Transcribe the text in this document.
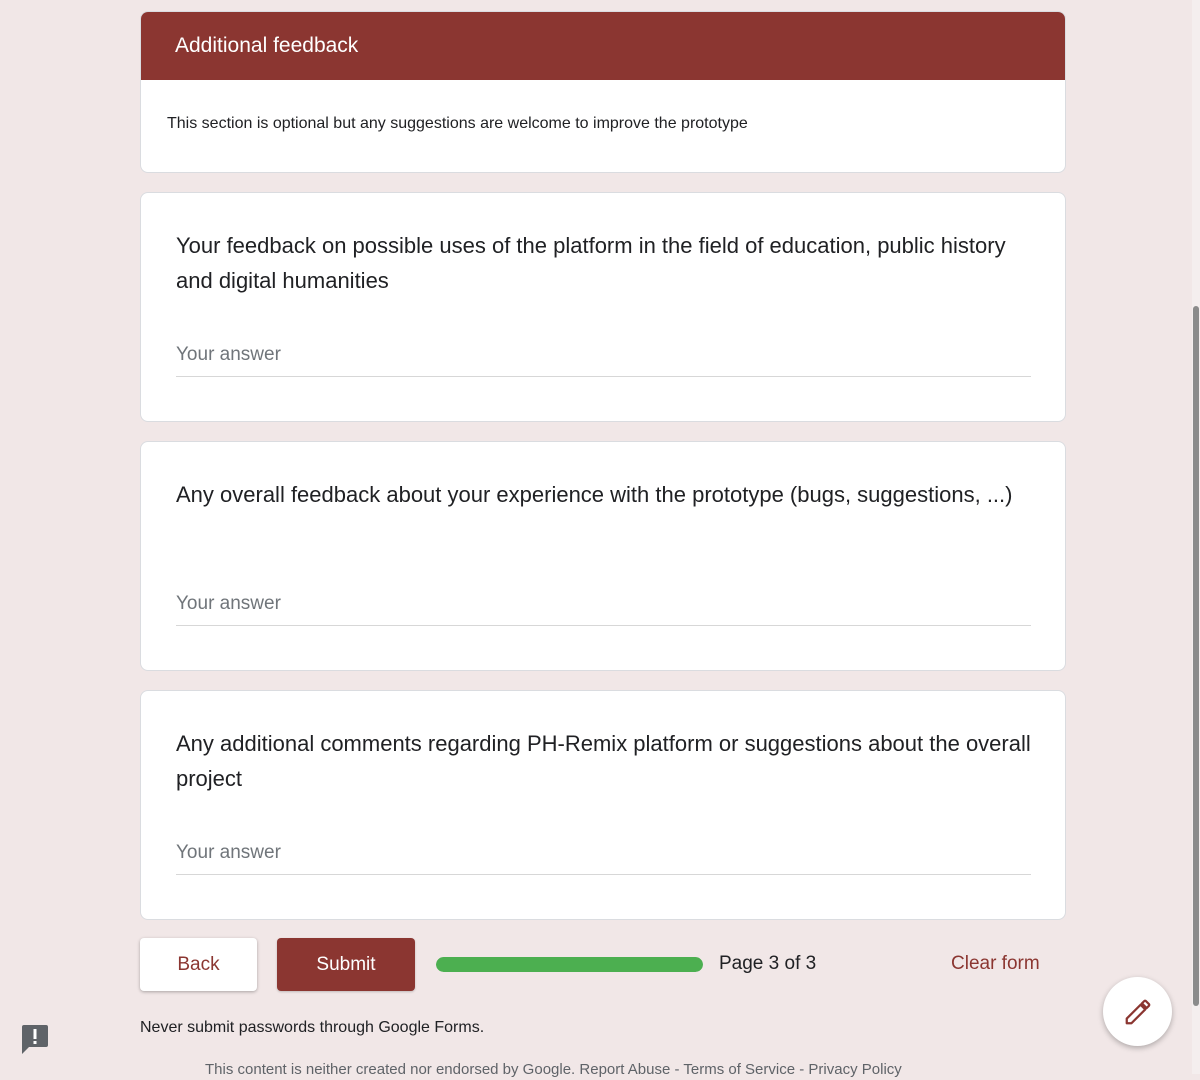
Additional feedback
This section is optional but any suggestions are welcome to improve the prototype
Your feedback on possible uses of the platform in the field of education, public history and digital humanities
Your answer
Any overall feedback about your experience with the prototype (bugs, suggestions, ...)
Your answer
Any additional comments regarding PH-Remix platform or suggestions about the overall project
Your answer
Back	Submit	Page 3 of 3	Clear form
Never submit passwords through Google Forms.
This content is neither created nor endorsed by Google. Report Abuse - Terms of Service - Privacy Policy
